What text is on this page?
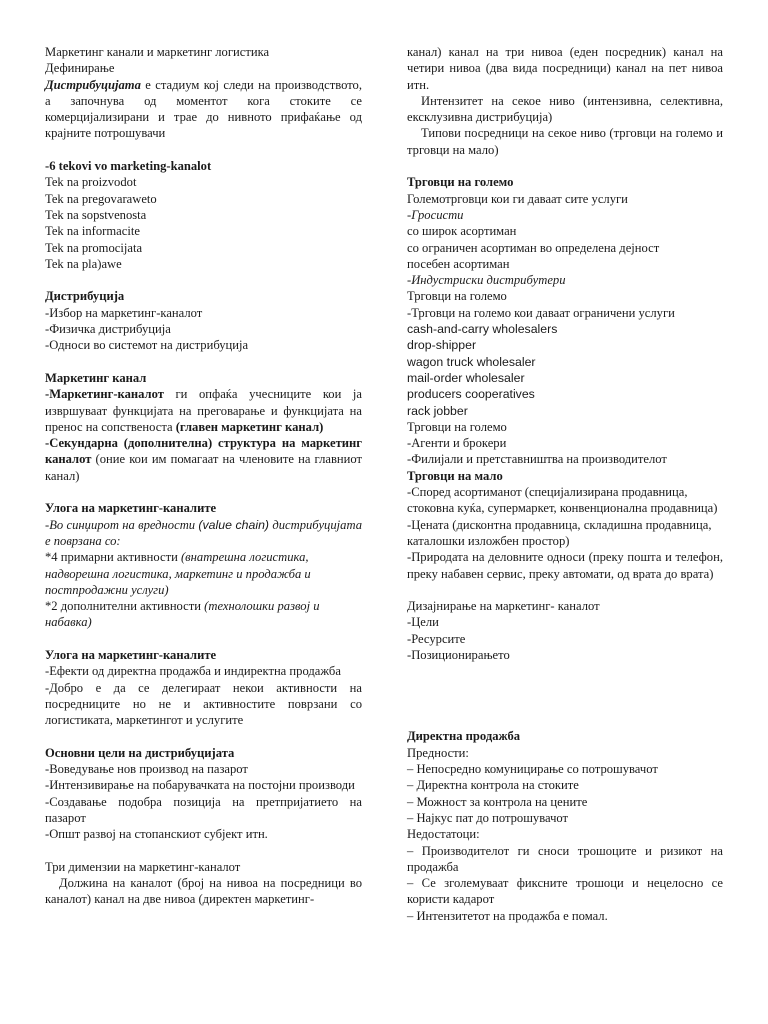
Маркетинг канали и маркетинг логистика
Дефинирање

Дистрибуцијата е стадиум кој следи на производството, а започнува од моментот кога стоките се комерцијализирани и трае до нивното прифаќање од крајните потрошувачи

-6 tekovi vo marketing-kanalot
Tek na proizvodot
Tek na pregovaraweto
Tek na sopstvenosta
Tek na informacite
Tek na promocijata
Tek na pla)awe
Дистрибуција
-Избор на маркетинг-каналот
-Физичка дистрибуција
-Односи во системот на дистрибуција
Маркетинг канал

-Маркетинг-каналот ги опфаќа учесниците кои ја извршуваат функцијата на преговарање и функцијата на пренос на сопственоста (главен маркетинг канал)

-Секундарна (дополнителна) структура на маркетинг каналот (оние кои им помагаат на членовите на главниот канал)

Улога на маркетинг-каналите

-Во синџирот на вредности (value chain) дистрибуцијата е поврзана со:

*4 примарни активности (внатрешна логистика, надворешна логистика, маркетинг и продажба и постпродажни услуги)

*2 дополнителни активности (технолошки развој и набавка)

Улога на маркетинг-каналите

-Ефекти од директна продажба и индиректна продажба

-Добро е да се делегираат некои активности на посредниците но не и активностите поврзани со логистиката, маркетингот и услугите

Основни цели на дистрибуцијата

-Воведување нов производ на пазарот

-Интензивирање на побарувачката на постојни производи

-Создавање подобра позиција на претпријатието на пазарот

-Општ развој на стопанскиот субјект итн.

Три димензии на маркетинг-каналот

Должина на каналот (број на нивоа на посредници во каналот) канал на две нивоа (директен маркетинг-

канал) канал на три нивоа (еден посредник) канал на четири нивоа (два вида посредници) канал на пет нивоа итн.

Интензитет на секое ниво (интензивна, селективна, ексклузивна дистрибуција)

Типови посредници на секое ниво (трговци на големо и трговци на мало)

Трговци на големо
Големотрговци кои ги даваат сите услуги
-Гросисти
со широк асортиман
со ограничен асортиман во определена дејност
посебен асортиман
-Индустриски дистрибутери
Трговци на големо
-Трговци на големо кои даваат ограничени услуги
cash-and-carry wholesalers
drop-shipper
wagon truck wholesaler
mail-order wholesaler
producers cooperatives
rack jobber
Трговци на големо
-Агенти и брокери
-Филијали и претставништва на производителот
Трговци на мало

-Според асортиманот (специјализирана продавница, стоковна куќа, супермаркет, конвенционална продавница)

-Цената (дисконтна продавница, складишна продавница, каталошки изложбен простор)

-Природата на деловните односи (преку пошта и телефон, преку набавен сервис, преку автомати, од врата до врата)

Дизајнирање на маркетинг- каналот
-Цели
-Ресурсите
-Позиционирањето
Директна продажба
Предности:
– Непосредно комуницирање со потрошувачот
– Директна контрола на стоките
– Можност за контрола на цените
– Најкус пат до потрошувачот
Недостатоци:

– Производителот ги сноси трошоците и ризикот на продажба

– Се зголемуваат фиксните трошоци и нецелосно се користи кадарот

– Интензитетот на продажба е помал.
